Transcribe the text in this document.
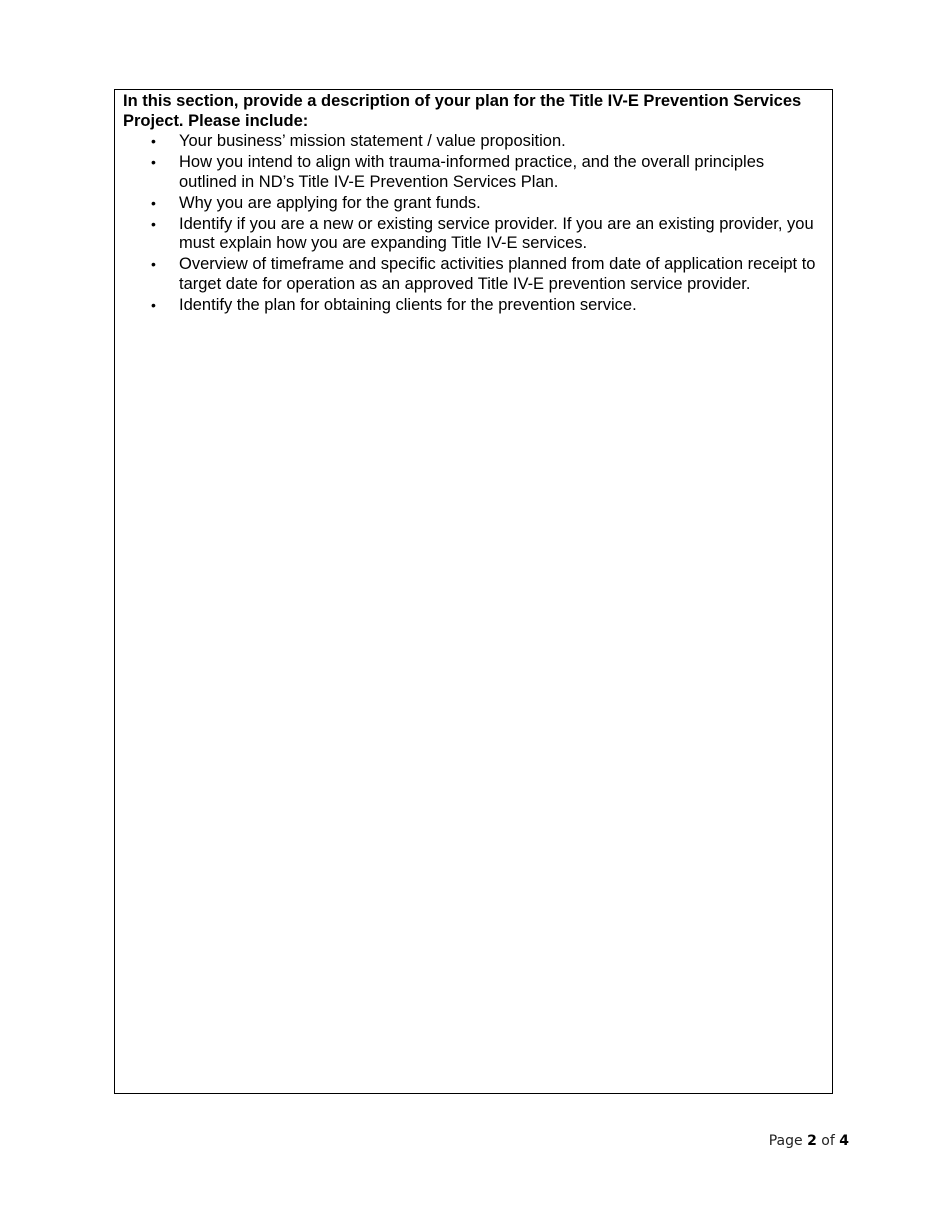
In this section, provide a description of your plan for the Title IV-E Prevention Services Project. Please include:

• Your business’ mission statement / value proposition.
• How you intend to align with trauma-informed practice, and the overall principles outlined in ND’s Title IV-E Prevention Services Plan.
• Why you are applying for the grant funds.
• Identify if you are a new or existing service provider. If you are an existing provider, you must explain how you are expanding Title IV-E services.
• Overview of timeframe and specific activities planned from date of application receipt to target date for operation as an approved Title IV-E prevention service provider.
• Identify the plan for obtaining clients for the prevention service.
Page 2 of 4
